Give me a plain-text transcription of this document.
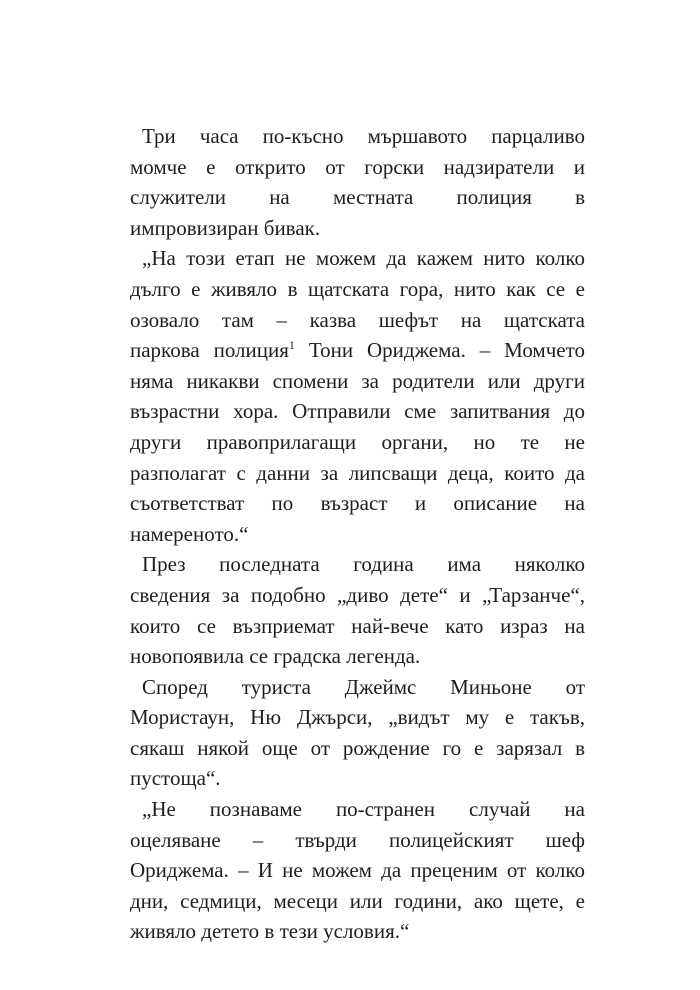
Три часа по-късно мършавото парцаливо
момче е открито от горски надзиратели и
служители на местната полиция в
импровизиран бивак.

„На този етап не можем да кажем нито колко
дълго е живяло в щатската гора, нито как се е
озовало там – казва шефът на щатската
паркова полиция$^1$ Тони Ориджема. – Момчето
няма никакви спомени за родители или други
възрастни хора. Отправили сме запитвания до
други правоприлагащи органи, но те не
разполагат с данни за липсващи деца, които да
съответстват по възраст и описание на
намереното.“

През последната година има няколко
сведения за подобно „диво дете“ и „Тарзанче“,
които се възприемат най-вече като израз на
новопоявила се градска легенда.

Според туриста Джеймс Миньоне от
Мористаун, Ню Джърси, „видът му е такъв,
сякаш някой още от рождение го е зарязал в
пустоща“.

„Не познаваме по-странен случай на
оцеляване – твърди полицейският шеф
Ориджема. – И не можем да преценим от колко
дни, седмици, месеци или години, ако щете, е
живяло детето в тези условия.“
